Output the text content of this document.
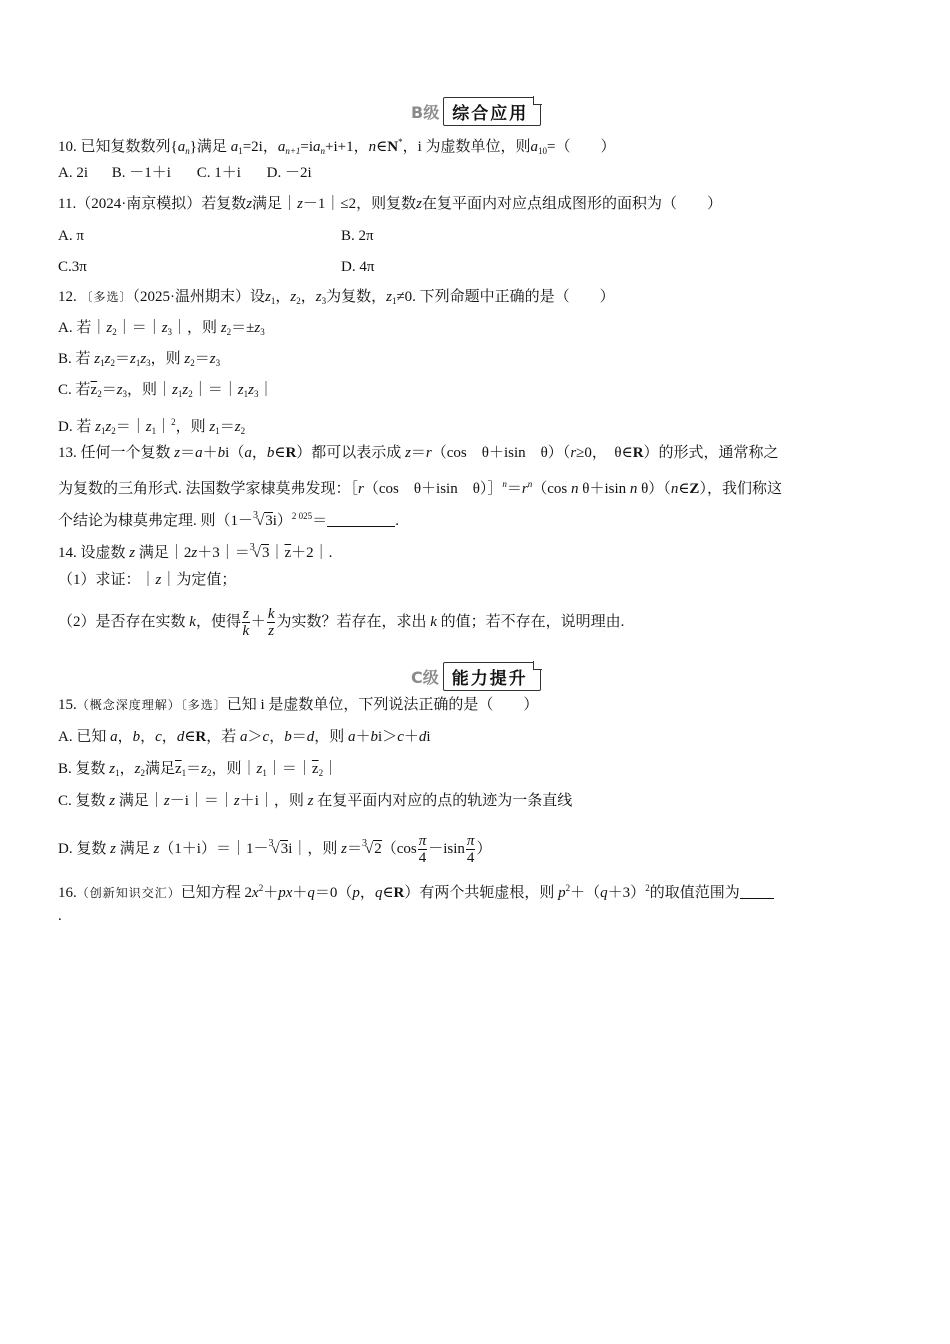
B级 综合应用
10. 已知复数数列$\{a_n\}$满足 $a_1=2i$，$a_{n+1}=ia_n+i+1$，n∈N*，i 为虚数单位，则$a_{10}=$（　　）
A. 2i B. －1＋i C. 1＋i D. －2i
11.（2024·南京模拟）若复数z满足｜z－1｜≤2，则复数z在复平面内对应点组成图形的面积为（　　）
A. π	B. 2π
C.3π	D. 4π
12. 〔多选〕（2025·温州期末）设$z_1$，$z_2$，$z_3$为复数，$z_1\ne 0$. 下列命题中正确的是（　　）
A. 若$|z_2|=|z_3|$，则 $z_2=\pm z_3$
B. 若 $z_1z_2=z_1z_3$，则 $z_2=z_3$
C. 若$\overline{z}_2=z_3$，则$|z_1z_2|=|z_1z_3|$
D. 若 $z_1z_2=|z_1|^2$，则 $z_1=z_2$
13. 任何一个复数 z＝a＋bi（a，b∈R）都可以表示成 z＝r（cos　θ＋isin　θ）（r≥0，　θ∈R）的形式，通常称之
为复数的三角形式. 法国数学家棣莫弗发现：［r（cos　θ＋isin　$\theta)]^n=r^n(\cos$ n θ＋isin n θ）（n∈Z），我们称这
个结论为棣莫弗定理. 则$(1-^3√3i)^{2 025}=$	.
14. 设虚数 z 满足$|2z+3|=^3√3|\overline{z}+2|$.
（1）求证：｜z｜为定值；
（2）是否存在实数 k，使得 $\frac{z}{k} + \frac{k}{z}$ 为实数？若存在，求出 k 的值；若不存在，说明理由.
C级 能力提升
15.（概念深度理解）〔多选〕已知 i 是虚数单位，下列说法正确的是（　　）
A. 已知 a，b，c，d∈R，若 a＞c，b＝d，则 a＋bi＞c＋di
B. 复数 $z_1$，$z_2$满足$\overline{z}_1=z_2$，则$|z_1|=|\overline{z}_2|$
C. 复数 z 满足｜z－i｜＝｜z＋i｜，则 z 在复平面内对应的点的轨迹为一条直线
D. 复数 z 满足 z（1＋i）＝｜1－$^3$√3i｜，则 $z=^3√2(\cos \frac{\pi}{4} -isin \frac{\pi}{4}$ ）
16.（创新知识交汇）已知方程 $2x^2+px+q=0(p$，q∈R）有两个共轭虚根，则 $p^2+(q+3)^2$的取值范围为
.
